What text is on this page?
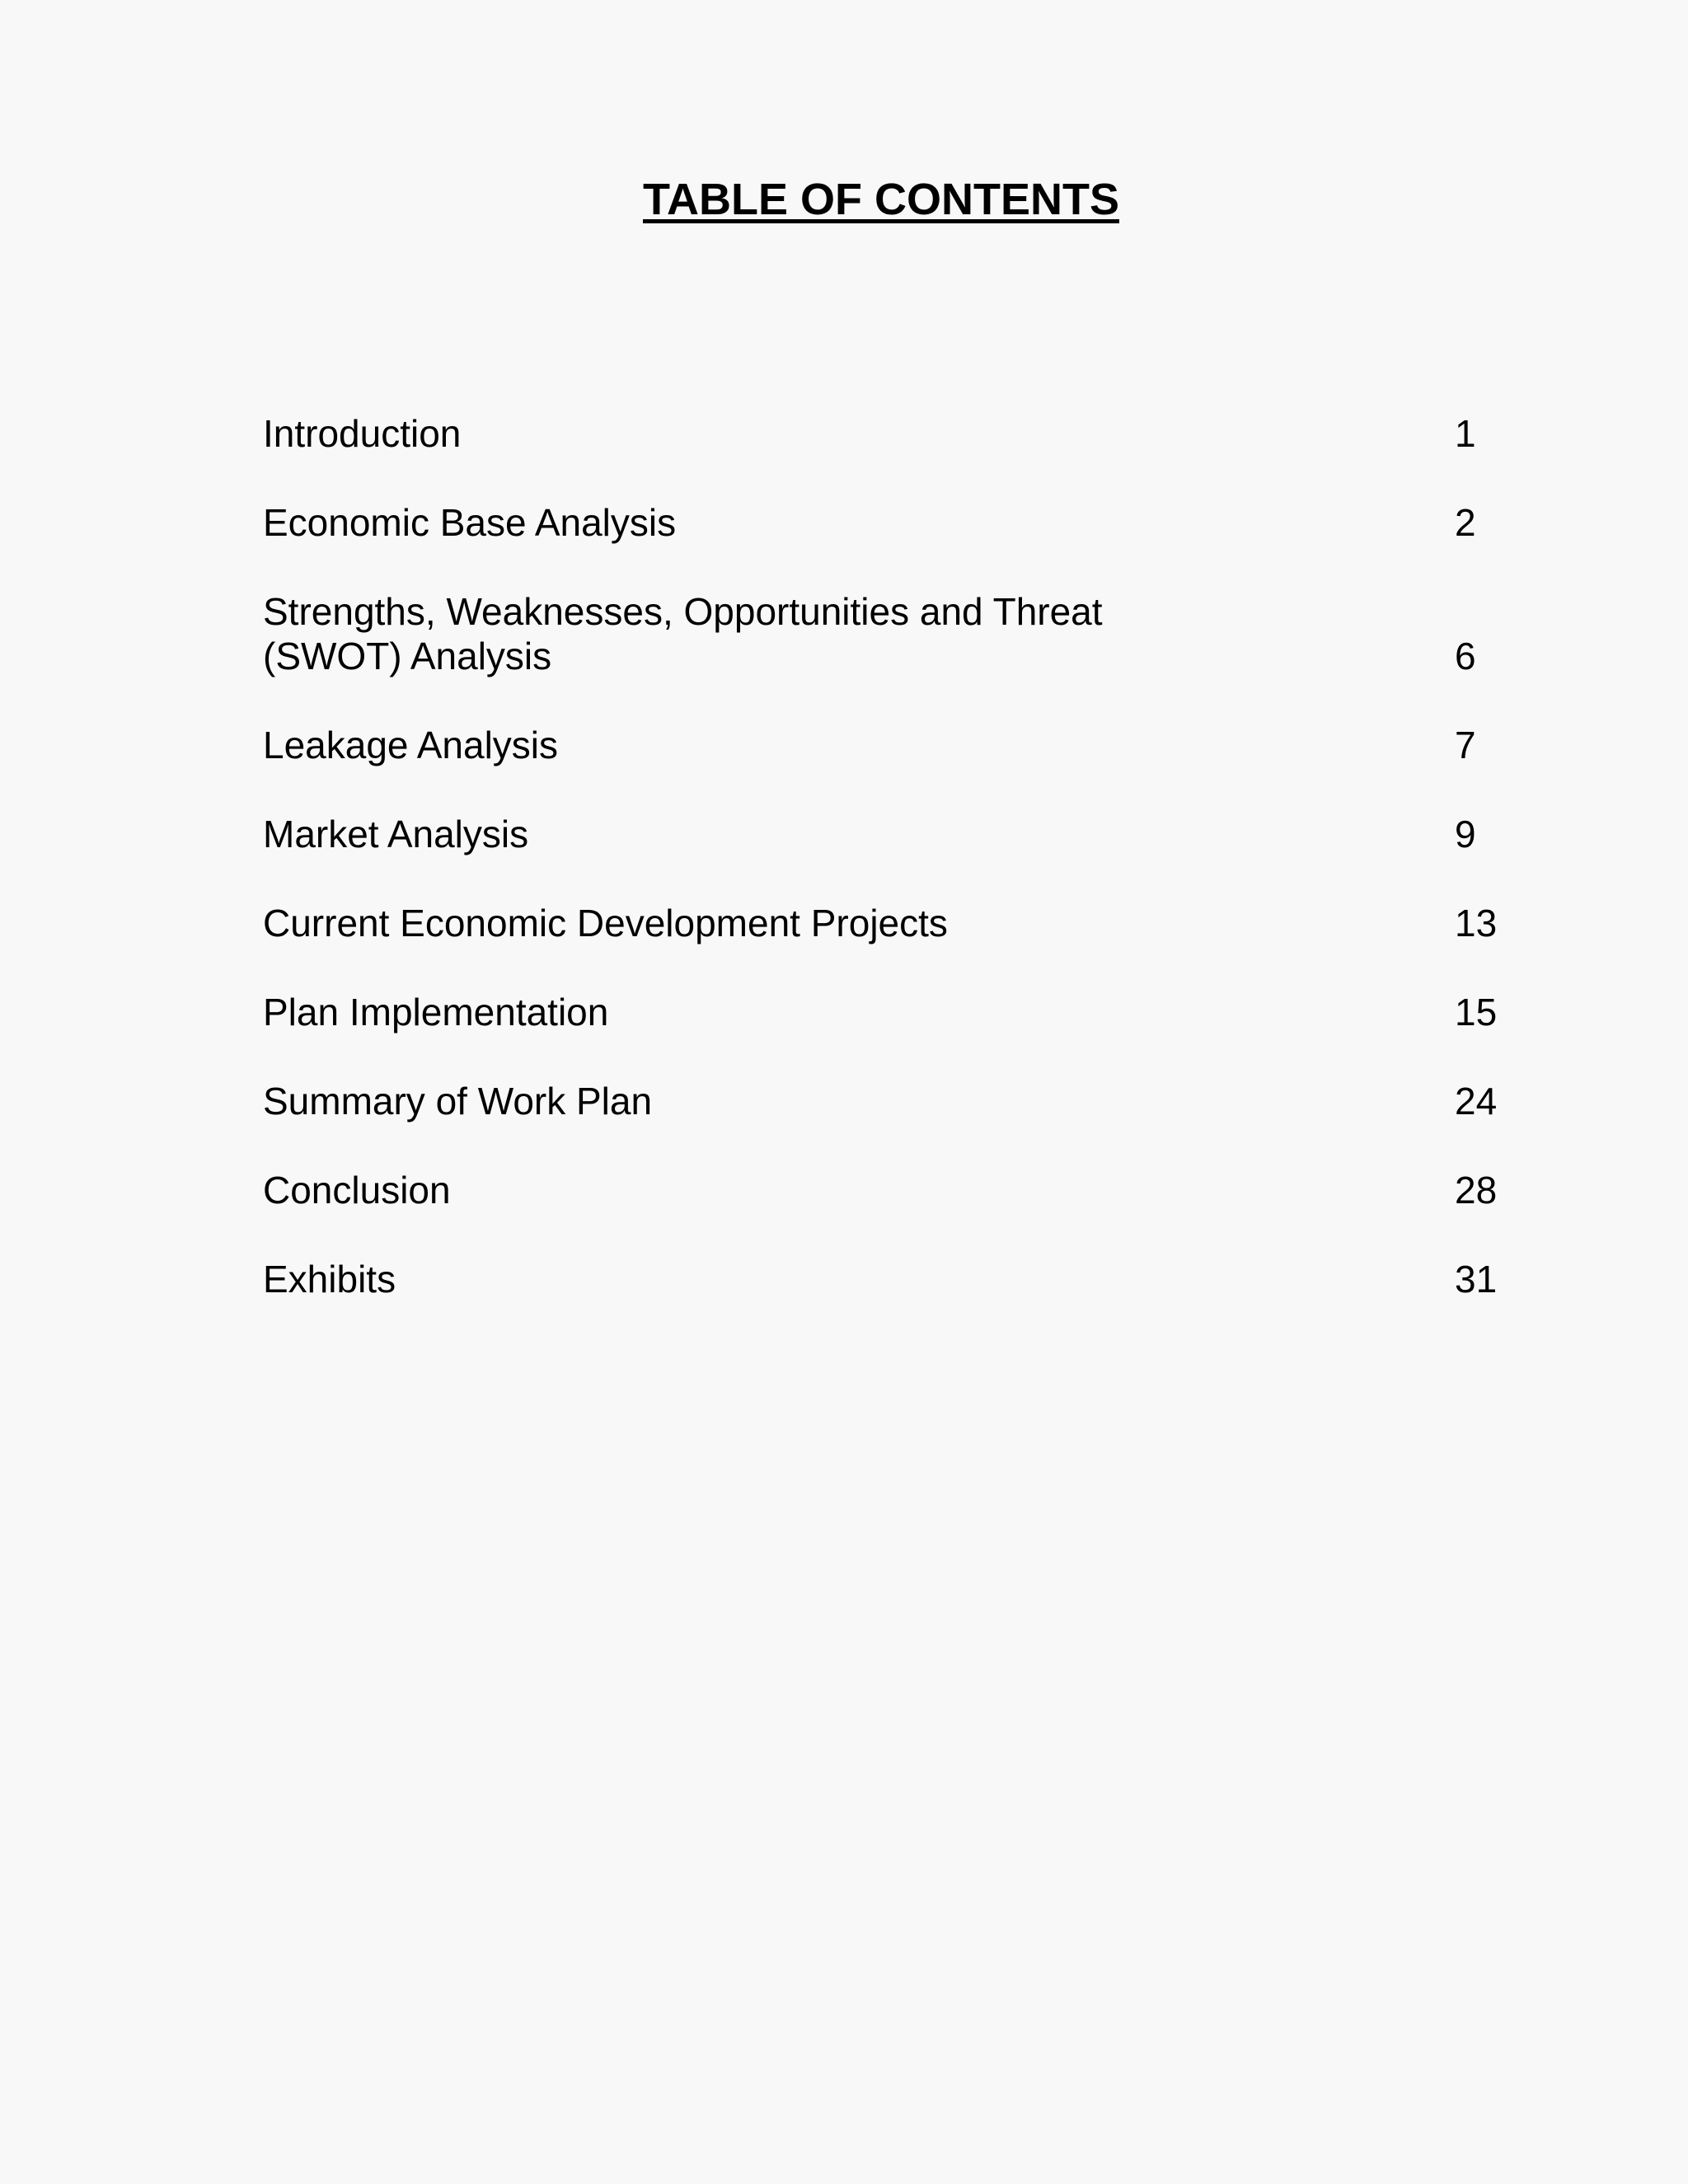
TABLE OF CONTENTS
Introduction	1
Economic Base Analysis	2
Strengths, Weaknesses, Opportunities and Threat
(SWOT) Analysis	6
Leakage Analysis	7
Market Analysis	9
Current Economic Development Projects	13
Plan Implementation	15
Summary of Work Plan	24
Conclusion	28
Exhibits	31
